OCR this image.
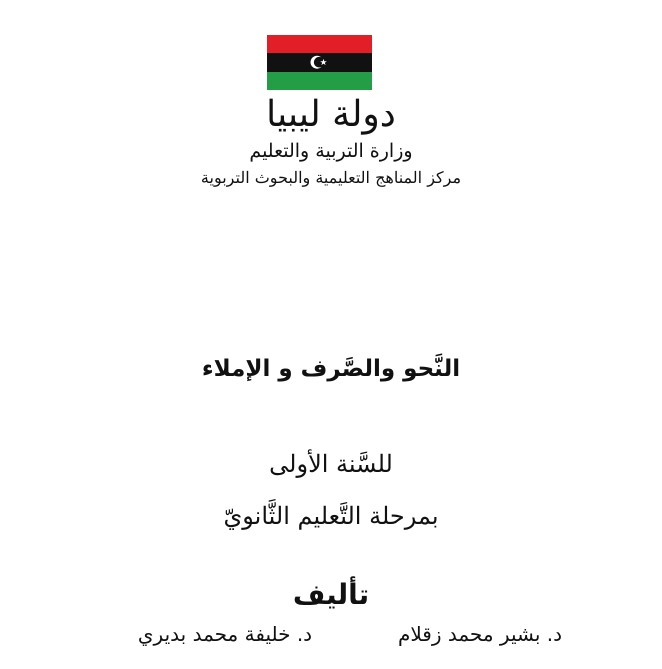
دولة ليبيا
وزارة التربية والتعليم
مركز المناهج التعليمية والبحوث التربوية
النَّحو والصَّرف و الإملاء
للسَّنة الأولى
بمرحلة التَّعليم الثَّانويّ
تأليف
د. بشير محمد زقلام
د. خليفة محمد بديري
